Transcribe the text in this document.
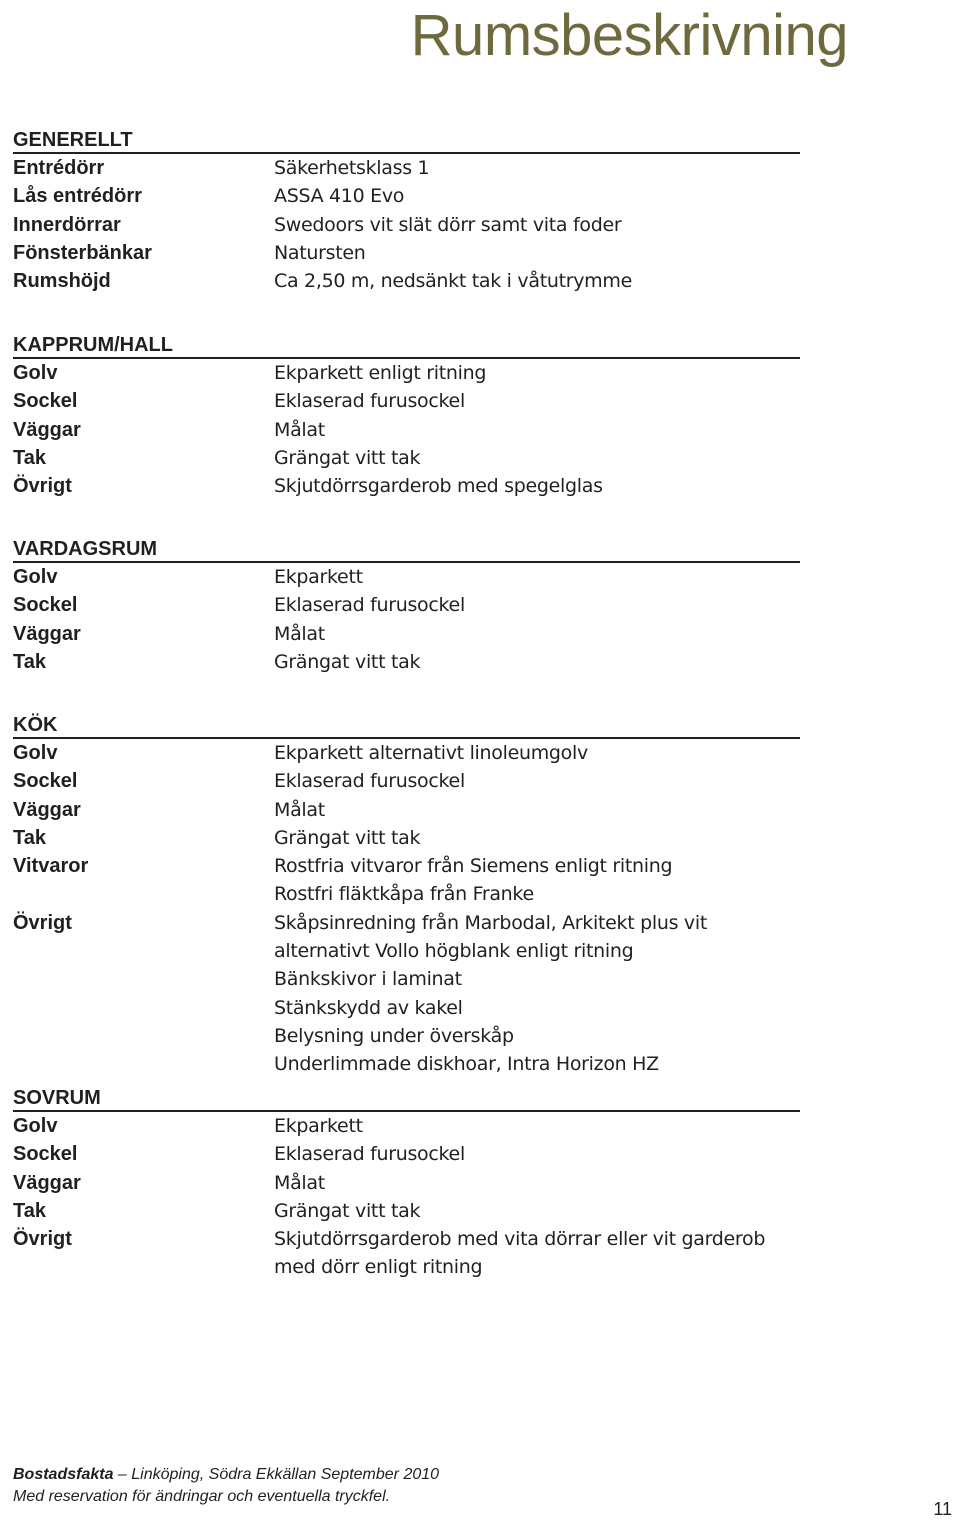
Rumsbeskrivning
GENERELLT
Entrédörr	Säkerhetsklass 1
Lås entrédörr	ASSA 410 Evo
Innerdörrar	Swedoors vit slät dörr samt vita foder
Fönsterbänkar	Natursten
Rumshöjd	Ca 2,50 m, nedsänkt tak i våtutrymme
KAPPRUM/HALL
Golv	Ekparkett enligt ritning
Sockel	Eklaserad furusockel
Väggar	Målat
Tak	Grängat vitt tak
Övrigt	Skjutdörrsgarderob med spegelglas
VARDAGSRUM
Golv	Ekparkett
Sockel	Eklaserad furusockel
Väggar	Målat
Tak	Grängat vitt tak
KÖK
Golv	Ekparkett alternativt linoleumgolv
Sockel	Eklaserad furusockel
Väggar	Målat
Tak	Grängat vitt tak
Vitvaror	Rostfria vitvaror från Siemens enligt ritning
Rostfri fläktkåpa från Franke
Övrigt	Skåpsinredning från Marbodal, Arkitekt plus vit
alternativt Vollo högblank enligt ritning
Bänkskivor i laminat
Stänkskydd av kakel
Belysning under överskåp
Underlimmade diskhoar, Intra Horizon HZ
SOVRUM
Golv	Ekparkett
Sockel	Eklaserad furusockel
Väggar	Målat
Tak	Grängat vitt tak
Övrigt	Skjutdörrsgarderob med vita dörrar eller vit garderob
med dörr enligt ritning
Bostadsfakta – Linköping, Södra Ekkällan September 2010
Med reservation för ändringar och eventuella tryckfel.
11
